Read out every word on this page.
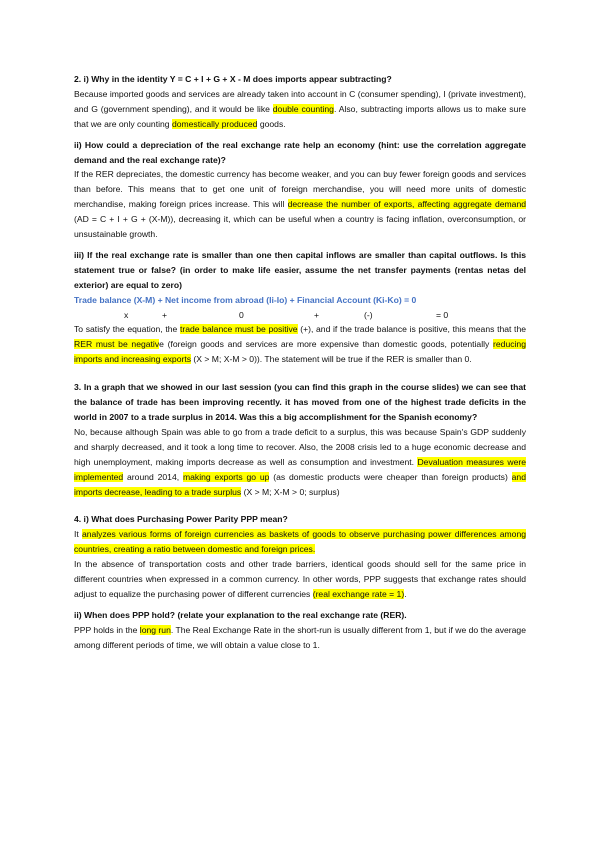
2. i) Why in the identity Y = C + I + G + X - M does imports appear subtracting?

Because imported goods and services are already taken into account in C (consumer spending), I (private investment), and G (government spending), and it would be like double counting. Also, subtracting imports allows us to make sure that we are only counting domestically produced goods.

ii) How could a depreciation of the real exchange rate help an economy (hint: use the correlation aggregate demand and the real exchange rate)?

If the RER depreciates, the domestic currency has become weaker, and you can buy fewer foreign goods and services than before. This means that to get one unit of foreign merchandise, you will need more units of domestic merchandise, making foreign prices increase. This will decrease the number of exports, affecting aggregate demand (AD = C + I + G + (X-M)), decreasing it, which can be useful when a country is facing inflation, overconsumption, or unsustainable growth.

iii) If the real exchange rate is smaller than one then capital inflows are smaller than capital outflows. Is this statement true or false? (in order to make life easier, assume the net transfer payments (rentas netas del exterior) are equal to zero)

Trade balance (X-M) + Net income from abroad (Ii-Io) + Financial Account (Ki-Ko) = 0

x	+	0	+	(-)	= 0

To satisfy the equation, the trade balance must be positive (+), and if the trade balance is positive, this means that the RER must be negative (foreign goods and services are more expensive than domestic goods, potentially reducing imports and increasing exports (X > M; X-M > 0)). The statement will be true if the RER is smaller than 0.

3. In a graph that we showed in our last session (you can find this graph in the course slides) we can see that the balance of trade has been improving recently. it has moved from one of the highest trade deficits in the world in 2007 to a trade surplus in 2014. Was this a big accomplishment for the Spanish economy?

No, because although Spain was able to go from a trade deficit to a surplus, this was because Spain's GDP suddenly and sharply decreased, and it took a long time to recover. Also, the 2008 crisis led to a huge economic decrease and high unemployment, making imports decrease as well as consumption and investment. Devaluation measures were implemented around 2014, making exports go up (as domestic products were cheaper than foreign products) and imports decrease, leading to a trade surplus (X > M; X-M > 0; surplus)

4. i) What does Purchasing Power Parity PPP mean?

It analyzes various forms of foreign currencies as baskets of goods to observe purchasing power differences among countries, creating a ratio between domestic and foreign prices.

In the absence of transportation costs and other trade barriers, identical goods should sell for the same price in different countries when expressed in a common currency. In other words, PPP suggests that exchange rates should adjust to equalize the purchasing power of different currencies (real exchange rate = 1).

ii) When does PPP hold? (relate your explanation to the real exchange rate (RER).

PPP holds in the long run. The Real Exchange Rate in the short-run is usually different from 1, but if we do the average among different periods of time, we will obtain a value close to 1.
